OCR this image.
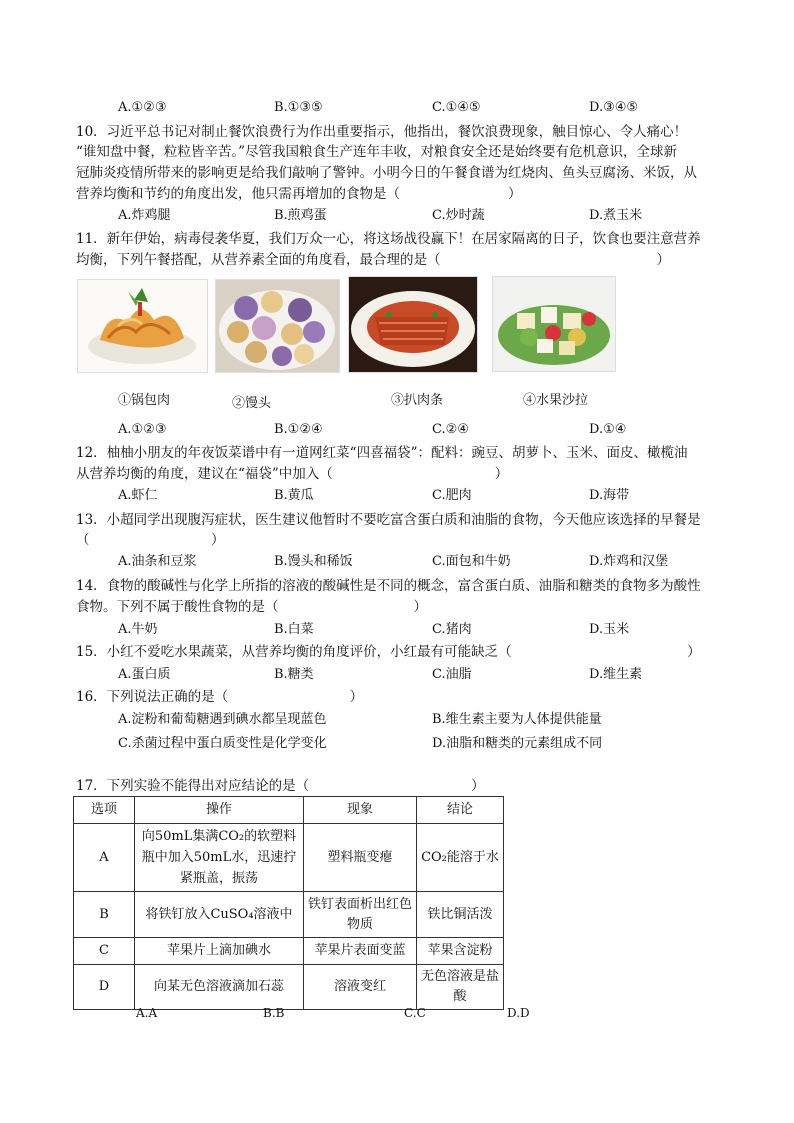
A.①②③	B.①③⑤	C.①④⑤	D.③④⑤
10．习近平总书记对制止餐饮浪费行为作出重要指示，他指出，餐饮浪费现象，触目惊心、令人痛心！
“谁知盘中餐，粒粒皆辛苦。”尽管我国粮食生产连年丰收，对粮食安全还是始终要有危机意识，全球新
冠肺炎疫情所带来的影响更是给我们敲响了警钟。小明今日的午餐食谱为红烧肉、鱼头豆腐汤、米饭，从
营养均衡和节约的角度出发，他只需再增加的食物是（　　　　　　　　）
A.炸鸡腿	B.煎鸡蛋	C.炒时蔬	D.煮玉米
11．新年伊始，病毒侵袭华夏，我们万众一心，将这场战役赢下！在居家隔离的日子，饮食也要注意营养
均衡，下列午餐搭配，从营养素全面的角度看，最合理的是（　　　　　　　　　　　　　　　　）
①锅包肉	②馒头	③扒肉条	④水果沙拉
A.①②③	B.①②④	C.②④	D.①④
12．柚柚小朋友的年夜饭菜谱中有一道网红菜“四喜福袋”：配料：豌豆、胡萝卜、玉米、面皮、橄榄油
从营养均衡的角度，建议在“福袋”中加入（　　　　　　　　　　　　）
A.虾仁	B.黄瓜	C.肥肉	D.海带
13．小超同学出现腹泻症状，医生建议他暂时不要吃富含蛋白质和油脂的食物，今天他应该选择的早餐是
（　　　　　　　　　）
A.油条和豆浆	B.馒头和稀饭	C.面包和牛奶	D.炸鸡和汉堡
14．食物的酸碱性与化学上所指的溶液的酸碱性是不同的概念，富含蛋白质、油脂和糖类的食物多为酸性
食物。下列不属于酸性食物的是（　　　　　　　　　　）
A.牛奶	B.白菜	C.猪肉	D.玉米
15．小红不爱吃水果蔬菜，从营养均衡的角度评价，小红最有可能缺乏（　　　　　　　　　　　　　）
A.蛋白质	B.糖类	C.油脂	D.维生素
16．下列说法正确的是（　　　　　　　　　）
A.淀粉和葡萄糖遇到碘水都呈现蓝色	B.维生素主要为人体提供能量
C.杀菌过程中蛋白质变性是化学变化	D.油脂和糖类的元素组成不同
17．下列实验不能得出对应结论的是（　　　　　　　　　　　　）
选项	操作	现象	结论
A	向50mL集满CO₂的软塑料瓶中加入50mL水，迅速拧紧瓶盖，振荡	塑料瓶变瘪	CO₂能溶于水
B	将铁钉放入CuSO₄溶液中	铁钉表面析出红色物质	铁比铜活泼
C	苹果片上滴加碘水	苹果片表面变蓝	苹果含淀粉
D	向某无色溶液滴加石蕊	溶液变红	无色溶液是盐酸
A.A	B.B	C.C	D.D
